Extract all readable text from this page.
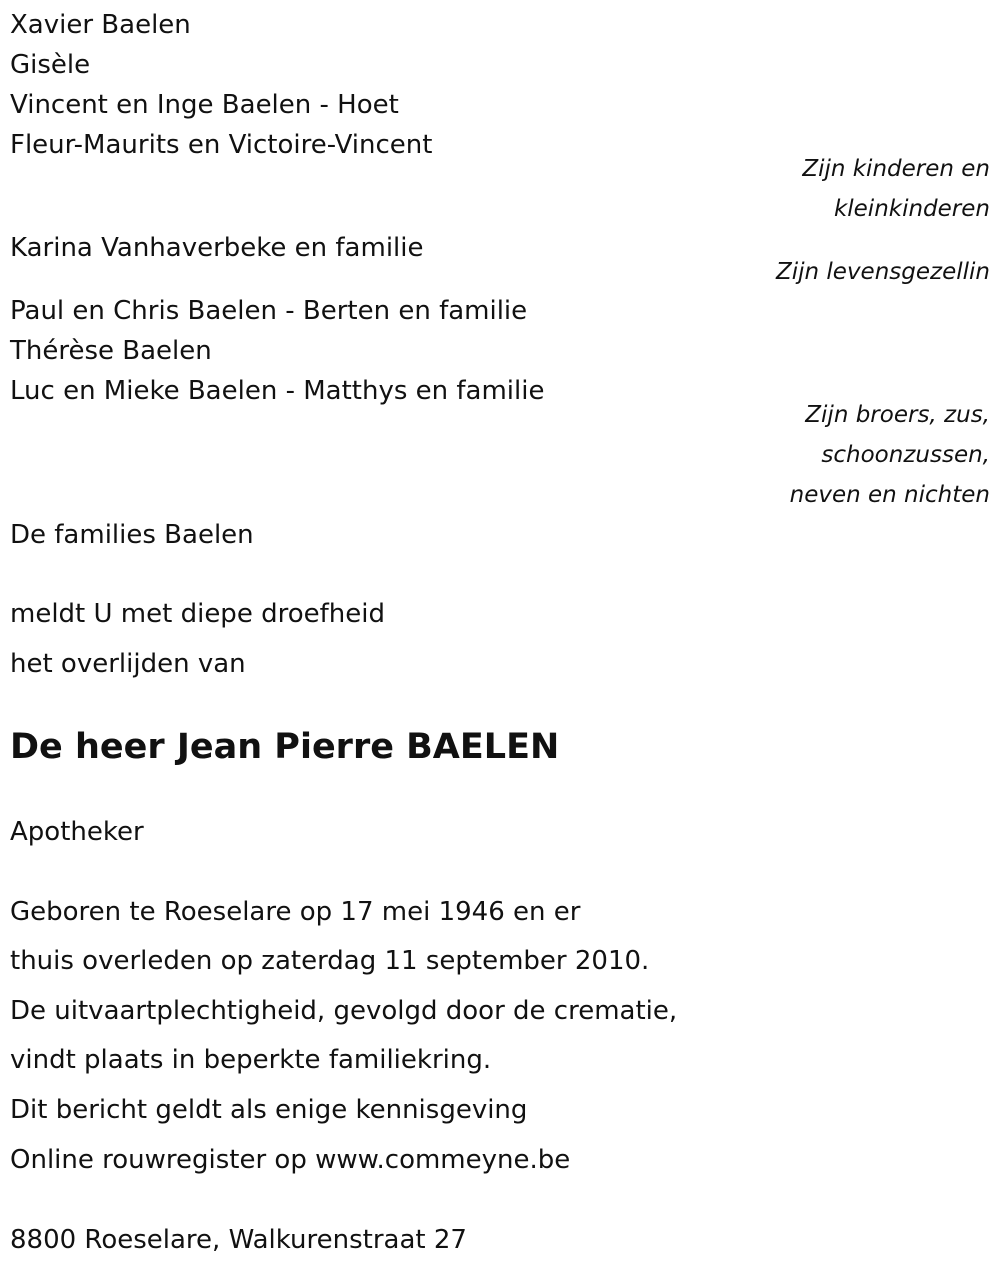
Xavier Baelen
Gisèle
Vincent en Inge Baelen - Hoet
Fleur-Maurits en Victoire-Vincent
Zijn kinderen en
kleinkinderen
Karina Vanhaverbeke en familie
Zijn levensgezellin
Paul en Chris Baelen - Berten en familie
Thérèse Baelen
Luc en Mieke Baelen - Matthys en familie
Zijn broers, zus,
schoonzussen,
neven en nichten
De families Baelen
meldt U met diepe droefheid
het overlijden van
De heer Jean Pierre BAELEN
Apotheker
Geboren te Roeselare op 17 mei 1946 en er
thuis overleden op zaterdag 11 september 2010.
De uitvaartplechtigheid, gevolgd door de crematie,
vindt plaats in beperkte familiekring.
Dit bericht geldt als enige kennisgeving
Online rouwregister op www.commeyne.be
8800 Roeselare, Walkurenstraat 27
